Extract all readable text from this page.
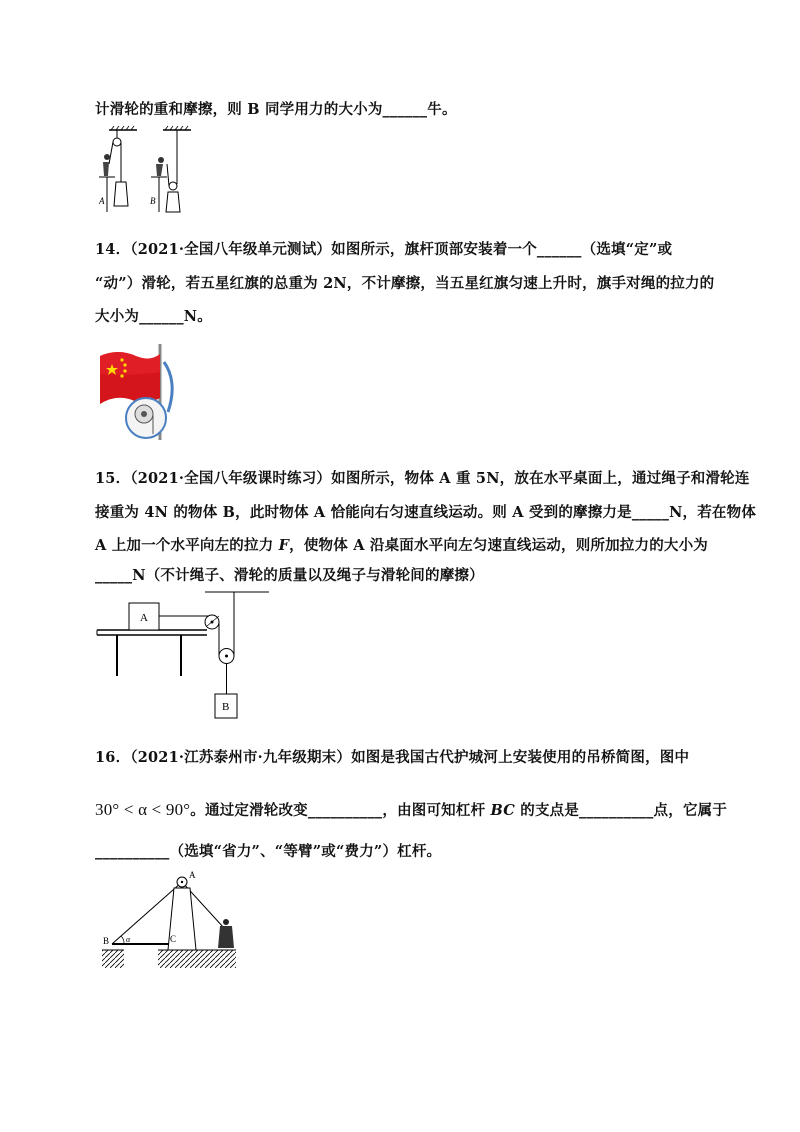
计滑轮的重和摩擦，则 B 同学用力的大小为______牛。
A	B
14．（2021·全国八年级单元测试）如图所示，旗杆顶部安装着一个______（选填“定”或
“动”）滑轮，若五星红旗的总重为 2N，不计摩擦，当五星红旗匀速上升时，旗手对绳的拉力的
大小为______N。
15．（2021·全国八年级课时练习）如图所示，物体 A 重 5N，放在水平桌面上，通过绳子和滑轮连
接重为 4N 的物体 B，此时物体 A 恰能向右匀速直线运动。则 A 受到的摩擦力是_____N，若在物体
A 上加一个水平向左的拉力 F，使物体 A 沿桌面水平向左匀速直线运动，则所加拉力的大小为
_____N（不计绳子、滑轮的质量以及绳子与滑轮间的摩擦）
A
B
16．（2021·江苏泰州市·九年级期末）如图是我国古代护城河上安装使用的吊桥简图，图中
30° < α < 90°。通过定滑轮改变__________，由图可知杠杆 BC 的支点是__________点，它属于
__________（选填“省力”、“等臂”或“费力”）杠杆。
B
A
C
α
